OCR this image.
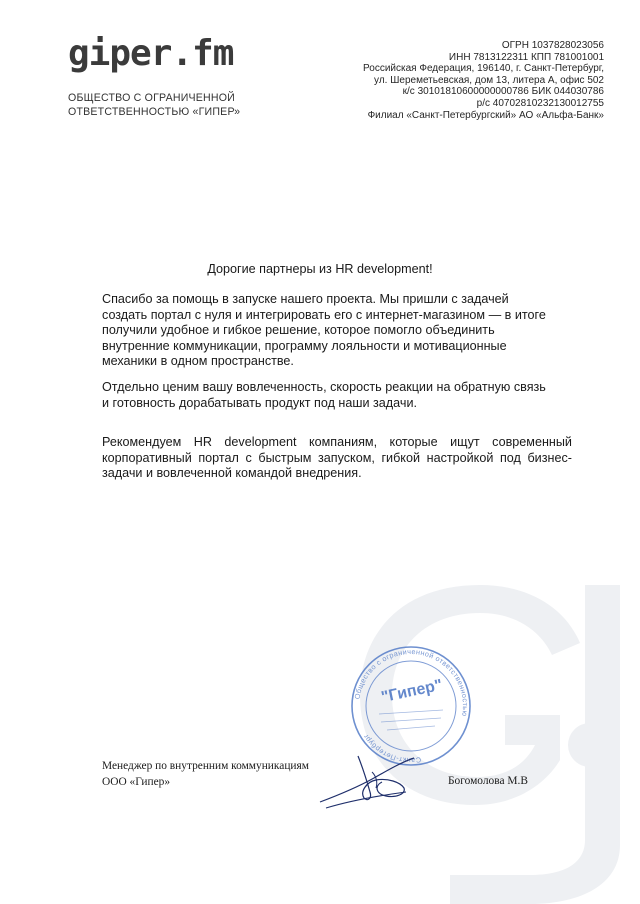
giper.fm
ОБЩЕСТВО С ОГРАНИЧЕННОЙ
ОТВЕТСТВЕННОСТЬЮ «ГИПЕР»
ОГРН 1037828023056
ИНН 7813122311 КПП 781001001
Российская Федерация, 196140, г. Санкт-Петербург,
ул. Шереметьевская, дом 13, литера А, офис 502
к/с 30101810600000000786 БИК 044030786
р/с 40702810232130012755
Филиал «Санкт-Петербургский» АО «Альфа-Банк»
Дорогие партнеры из HR development!
Спасибо за помощь в запуске нашего проекта. Мы пришли с задачей
создать портал с нуля и интегрировать его с интернет-магазином — в итоге
получили удобное и гибкое решение, которое помогло объединить
внутренние коммуникации, программу лояльности и мотивационные
механики в одном пространстве.
Отдельно ценим вашу вовлеченность, скорость реакции на обратную связь
и готовность дорабатывать продукт под наши задачи.
Рекомендуем HR development компаниям, которые ищут современный
корпоративный портал с быстрым запуском, гибкой настройкой под бизнес-
задачи и вовлеченной командой внедрения.
Общество с ограниченной ответственностью
Санкт-Петербург
"Гипер"
Менеджер по внутренним коммуникациям
ООО «Гипер»	Богомолова М.В
